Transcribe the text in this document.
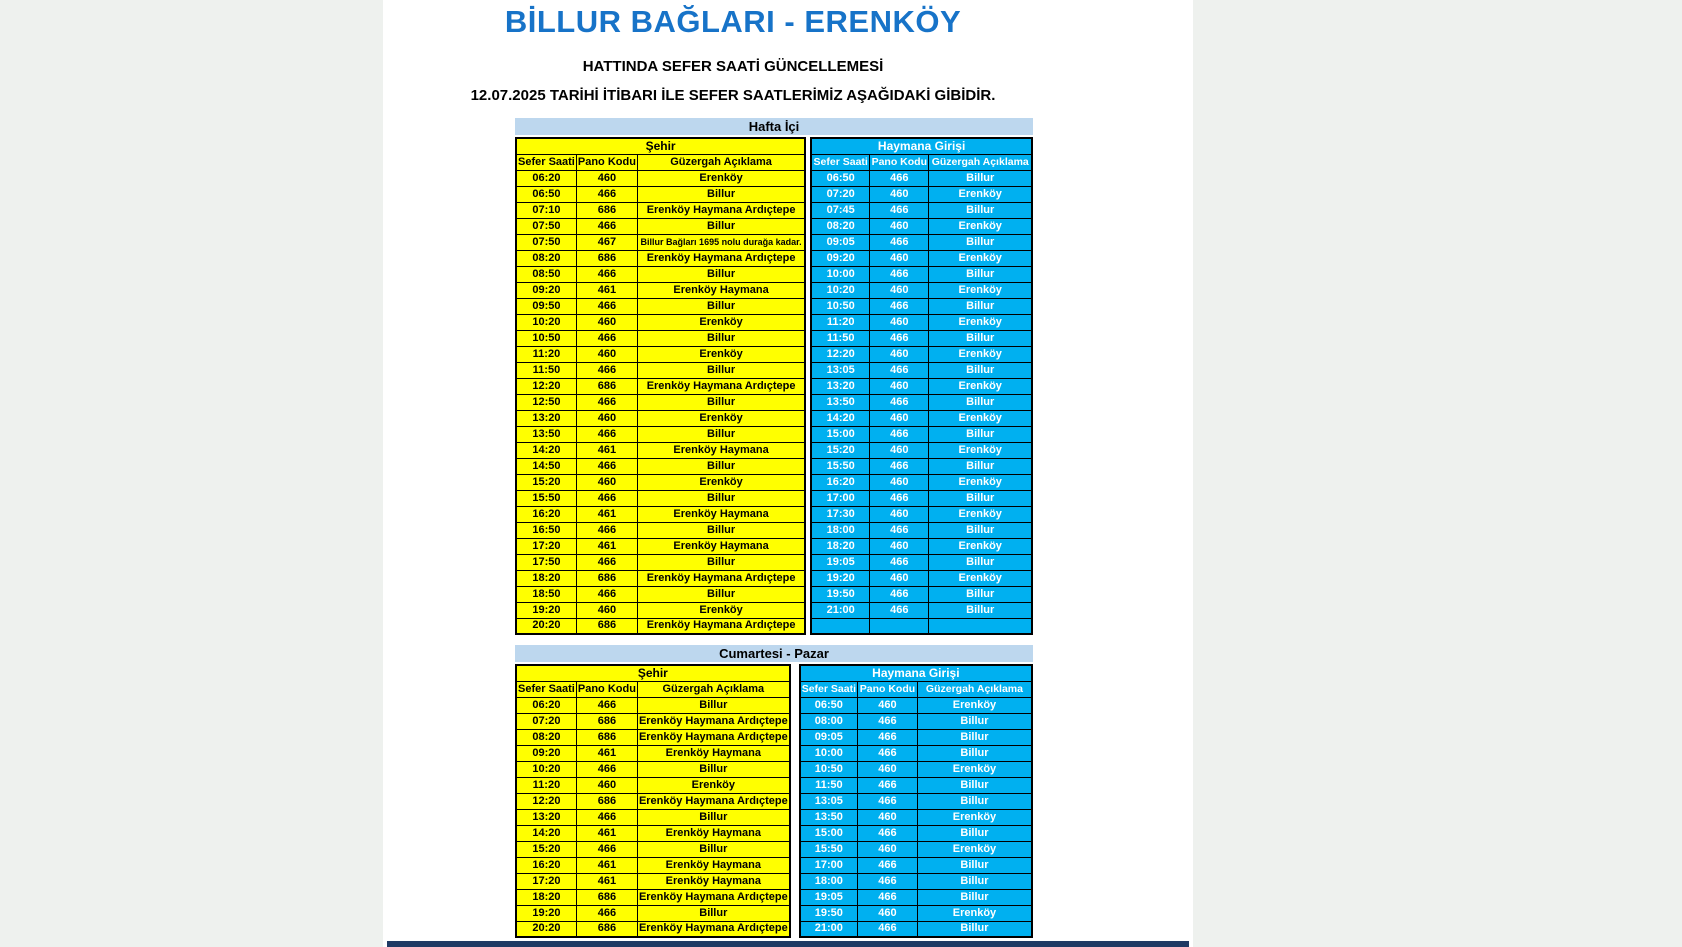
BİLLUR BAĞLARI - ERENKÖY
HATTINDA SEFER SAATİ GÜNCELLEMESİ
12.07.2025 TARİHİ İTİBARI İLE SEFER SAATLERİMİZ AŞAĞIDAKİ GİBİDİR.
Hafta İçi
Şehir		
Sefer Saati	Pano Kodu	Güzergah Açıklama
06:20	460	Erenköy
06:50	466	Billur
07:10	686	Erenköy Haymana Ardıçtepe
07:50	466	Billur
07:50	467	Billur Bağları 1695 nolu durağa kadar.
08:20	686	Erenköy Haymana Ardıçtepe
08:50	466	Billur
09:20	461	Erenköy Haymana
09:50	466	Billur
10:20	460	Erenköy
10:50	466	Billur
11:20	460	Erenköy
11:50	466	Billur
12:20	686	Erenköy Haymana Ardıçtepe
12:50	466	Billur
13:20	460	Erenköy
13:50	466	Billur
14:20	461	Erenköy Haymana
14:50	466	Billur
15:20	460	Erenköy
15:50	466	Billur
16:20	461	Erenköy Haymana
16:50	466	Billur
17:20	461	Erenköy Haymana
17:50	466	Billur
18:20	686	Erenköy Haymana Ardıçtepe
18:50	466	Billur
19:20	460	Erenköy
20:20	686	Erenköy Haymana Ardıçtepe
Haymana Girişi		
Sefer Saati	Pano Kodu	Güzergah Açıklama
06:50	466	Billur
07:20	460	Erenköy
07:45	466	Billur
08:20	460	Erenköy
09:05	466	Billur
09:20	460	Erenköy
10:00	466	Billur
10:20	460	Erenköy
10:50	466	Billur
11:20	460	Erenköy
11:50	466	Billur
12:20	460	Erenköy
13:05	466	Billur
13:20	460	Erenköy
13:50	466	Billur
14:20	460	Erenköy
15:00	466	Billur
15:20	460	Erenköy
15:50	466	Billur
16:20	460	Erenköy
17:00	466	Billur
17:30	460	Erenköy
18:00	466	Billur
18:20	460	Erenköy
19:05	466	Billur
19:20	460	Erenköy
19:50	466	Billur
21:00	466	Billur

Cumartesi - Pazar
Şehir		
Sefer Saati	Pano Kodu	Güzergah Açıklama
06:20	466	Billur
07:20	686	Erenköy Haymana Ardıçtepe
08:20	686	Erenköy Haymana Ardıçtepe
09:20	461	Erenköy Haymana
10:20	466	Billur
11:20	460	Erenköy
12:20	686	Erenköy Haymana Ardıçtepe
13:20	466	Billur
14:20	461	Erenköy Haymana
15:20	466	Billur
16:20	461	Erenköy Haymana
17:20	461	Erenköy Haymana
18:20	686	Erenköy Haymana Ardıçtepe
19:20	466	Billur
20:20	686	Erenköy Haymana Ardıçtepe
Haymana Girişi		
Sefer Saati	Pano Kodu	Güzergah Açıklama
06:50	460	Erenköy
08:00	466	Billur
09:05	466	Billur
10:00	466	Billur
10:50	460	Erenköy
11:50	466	Billur
13:05	466	Billur
13:50	460	Erenköy
15:00	466	Billur
15:50	460	Erenköy
17:00	466	Billur
18:00	466	Billur
19:05	466	Billur
19:50	460	Erenköy
21:00	466	Billur
